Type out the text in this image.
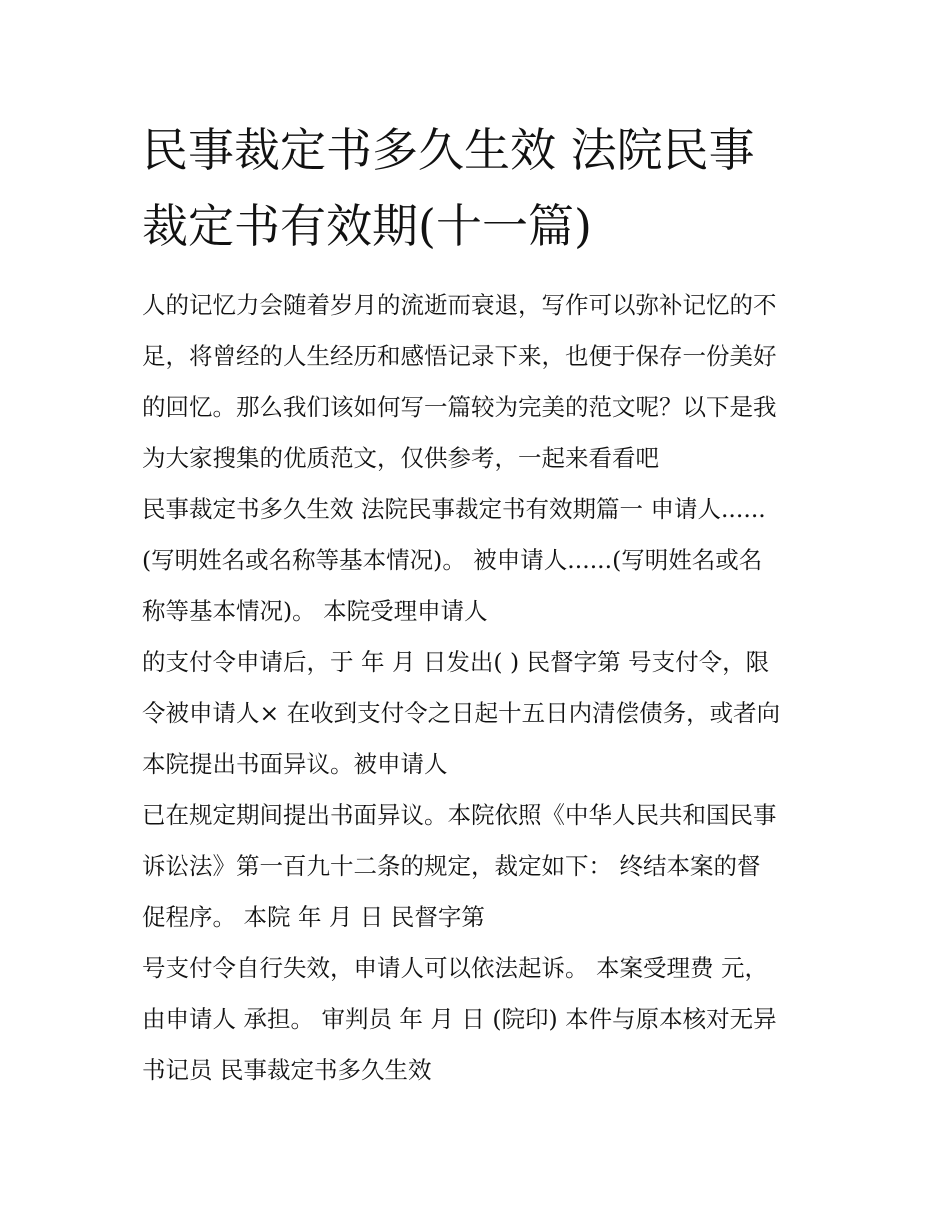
民事裁定书多久生效 法院民事
裁定书有效期(十一篇)
人的记忆力会随着岁月的流逝而衰退，写作可以弥补记忆的不
足，将曾经的人生经历和感悟记录下来，也便于保存一份美好
的回忆。那么我们该如何写一篇较为完美的范文呢？以下是我
为大家搜集的优质范文，仅供参考，一起来看看吧
民事裁定书多久生效 法院民事裁定书有效期篇一 申请人......
(写明姓名或名称等基本情况)。 被申请人......(写明姓名或名
称等基本情况)。 本院受理申请人
的支付令申请后，于 年 月 日发出( ) 民督字第 号支付令，限
令被申请人× 在收到支付令之日起十五日内清偿债务，或者向
本院提出书面异议。被申请人
已在规定期间提出书面异议。本院依照《中华人民共和国民事
诉讼法》第一百九十二条的规定，裁定如下： 终结本案的督
促程序。 本院 年 月 日 民督字第
号支付令自行失效，申请人可以依法起诉。 本案受理费 元，
由申请人 承担。 审判员 年 月 日 (院印) 本件与原本核对无异
书记员 民事裁定书多久生效
